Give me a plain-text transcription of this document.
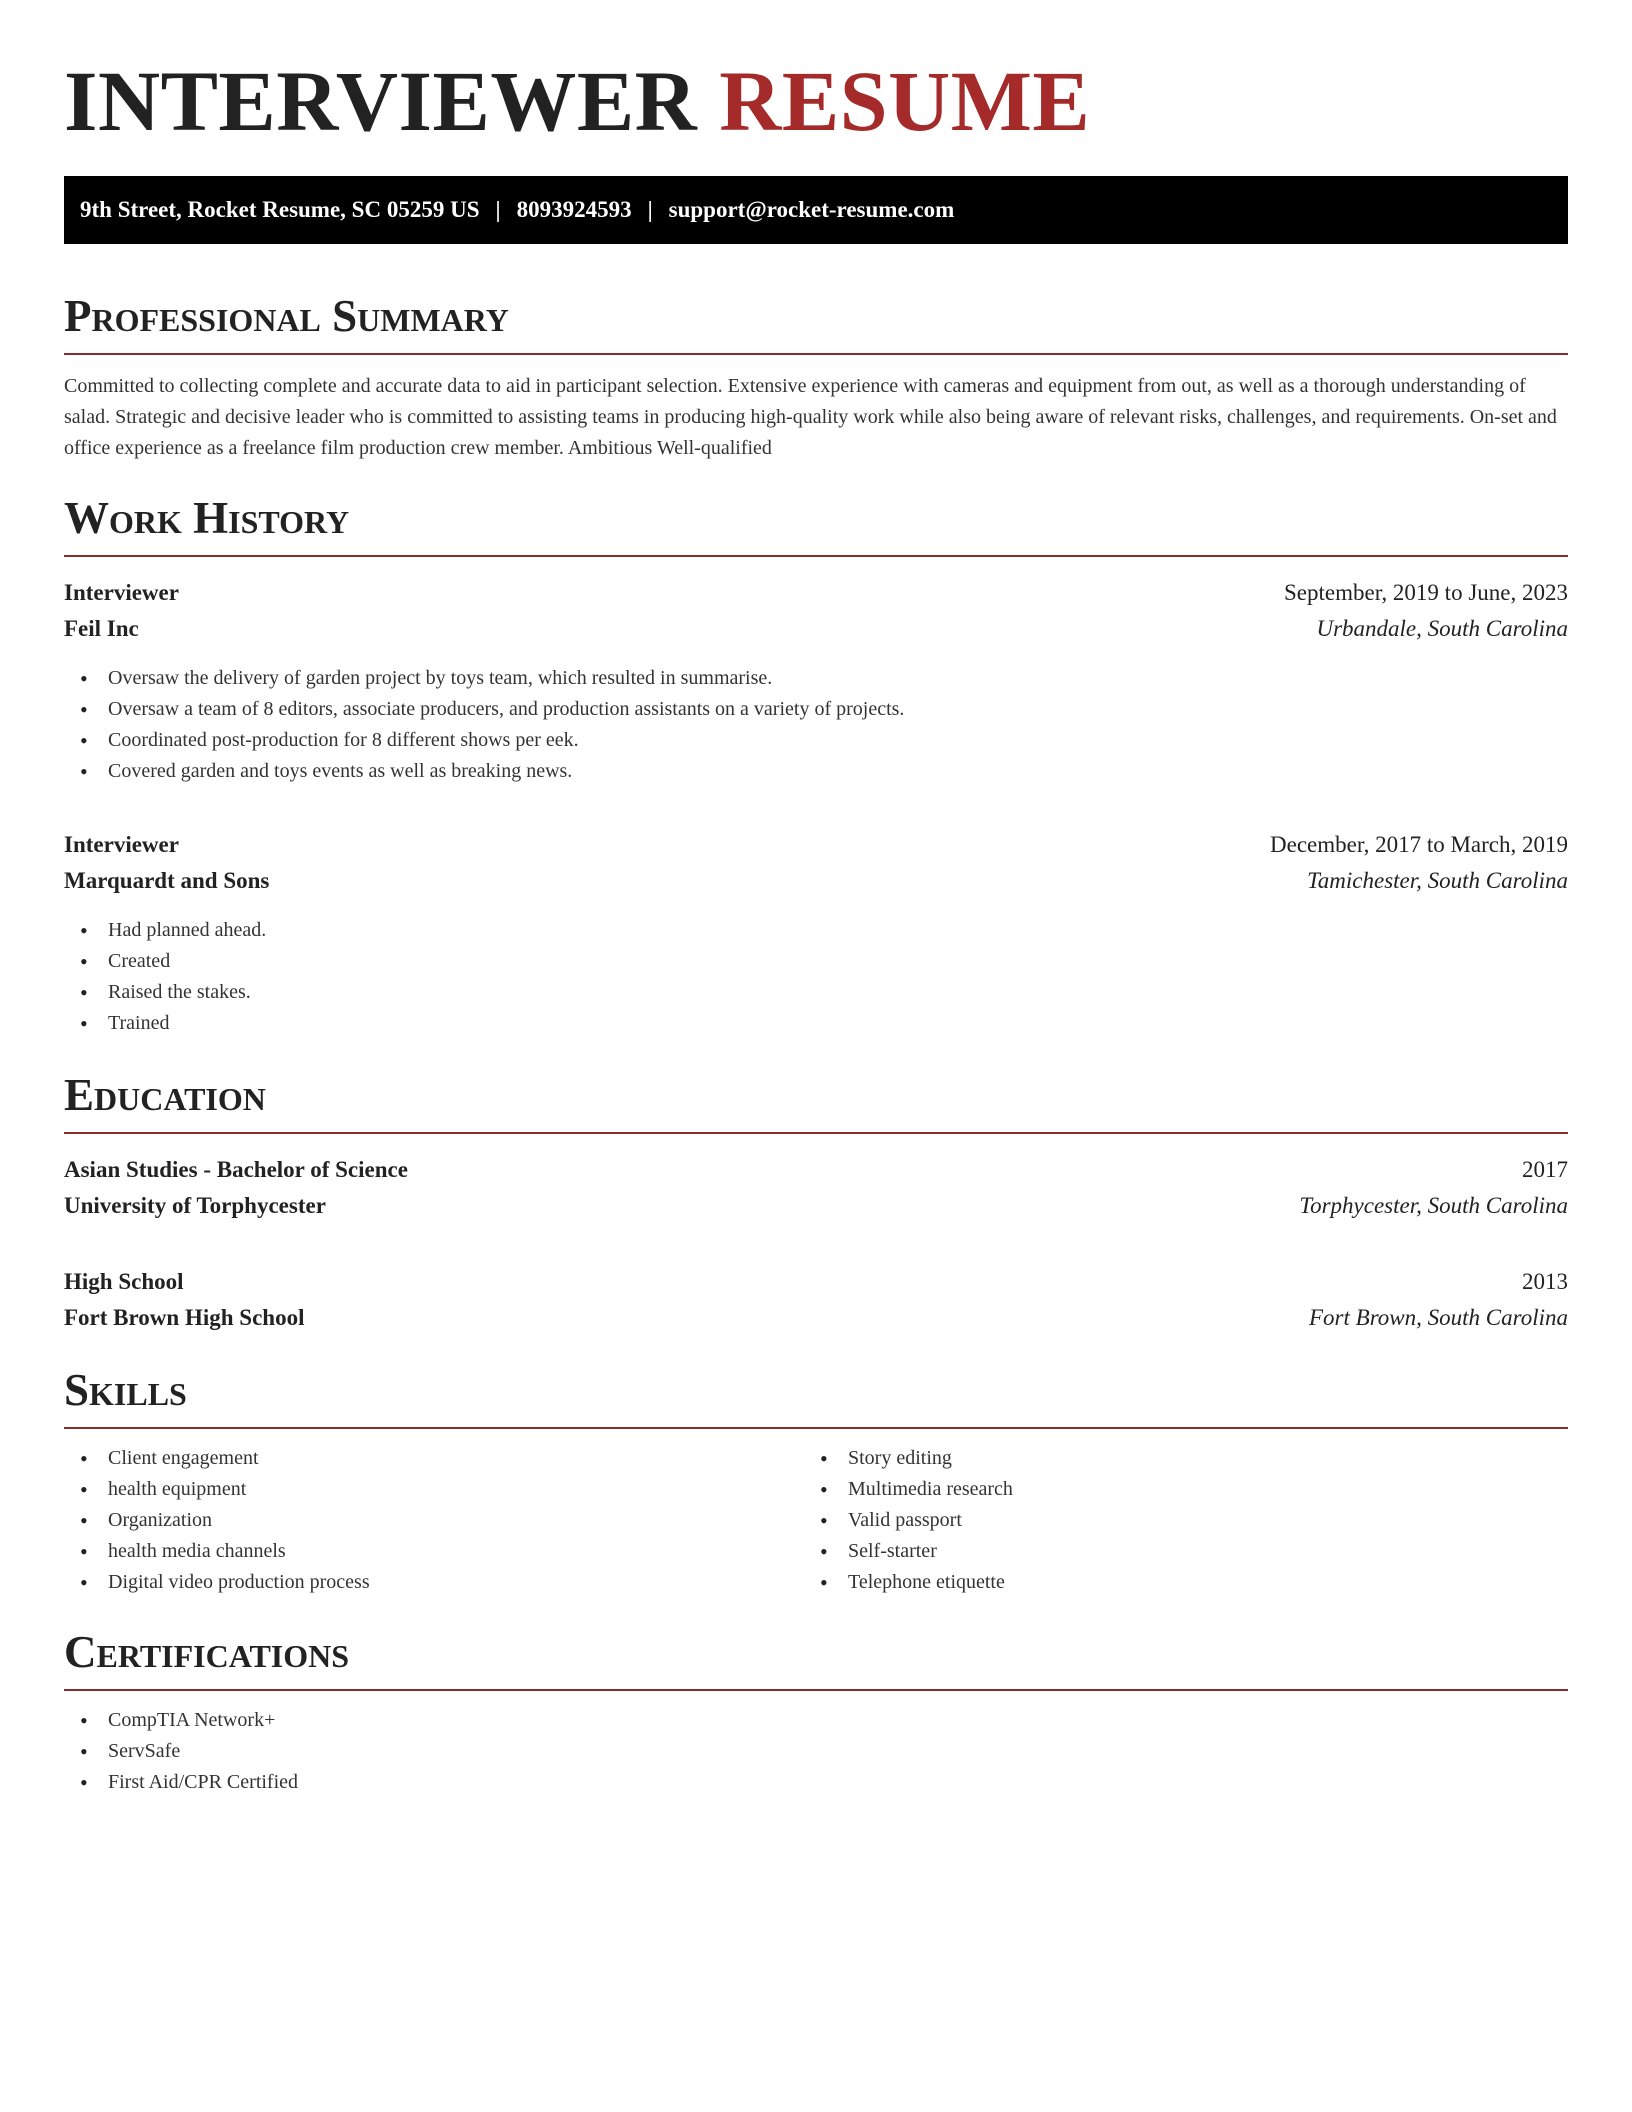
INTERVIEWER RESUME
9th Street, Rocket Resume, SC 05259 US | 8093924593 | support@rocket-resume.com
Professional Summary

Committed to collecting complete and accurate data to aid in participant selection. Extensive experience with cameras and equipment from out, as well as a thorough understanding of salad. Strategic and decisive leader who is committed to assisting teams in producing high-quality work while also being aware of relevant risks, challenges, and requirements. On-set and office experience as a freelance film production crew member. Ambitious Well-qualified

Work History
Interviewer	September, 2019 to June, 2023
Feil Inc	Urbandale, South Carolina
• Oversaw the delivery of garden project by toys team, which resulted in summarise.
• Oversaw a team of 8 editors, associate producers, and production assistants on a variety of projects.
• Coordinated post-production for 8 different shows per eek.
• Covered garden and toys events as well as breaking news.
Interviewer	December, 2017 to March, 2019
Marquardt and Sons	Tamichester, South Carolina
• Had planned ahead.
• Created
• Raised the stakes.
• Trained
Education
Asian Studies - Bachelor of Science	2017
University of Torphycester	Torphycester, South Carolina
High School	2013
Fort Brown High School	Fort Brown, South Carolina
Skills
• Client engagement
• health equipment
• Organization
• health media channels
• Digital video production process
• Story editing
• Multimedia research
• Valid passport
• Self-starter
• Telephone etiquette
Certifications
• CompTIA Network+
• ServSafe
• First Aid/CPR Certified
